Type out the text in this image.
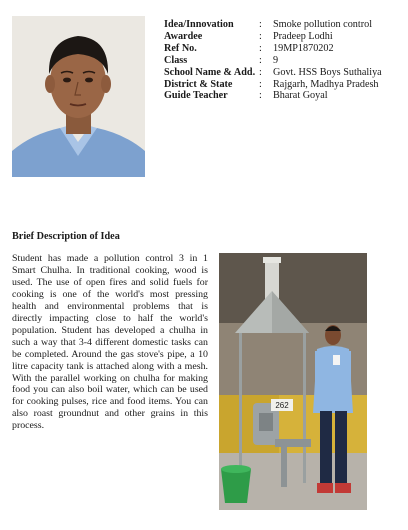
Idea/Innovation	:	Smoke pollution control
Awardee	:	Pradeep Lodhi
Ref No.	:	19MP1870202
Class	:	9
School Name & Add.	:	Govt. HSS Boys Suthaliya
District & State	:	Rajgarh, Madhya Pradesh
Guide Teacher	:	Bharat Goyal
Brief Description of Idea

Student has made a pollution control 3 in 1 Smart Chulha. In traditional cooking, wood is used. The use of open fires and solid fuels for cooking is one of the world's most pressing health and environmental problems that is directly impacting close to half the world's population. Student has developed a chulha in such a way that 3-4 different domestic tasks can be completed. Around the gas stove's pipe, a 10 litre capacity tank is attached along with a mesh. With the parallel working on chulha for making food you can also boil water, which can be used for cooking pulses, rice and food items. You can also roast groundnut and other grains in this process.

262
